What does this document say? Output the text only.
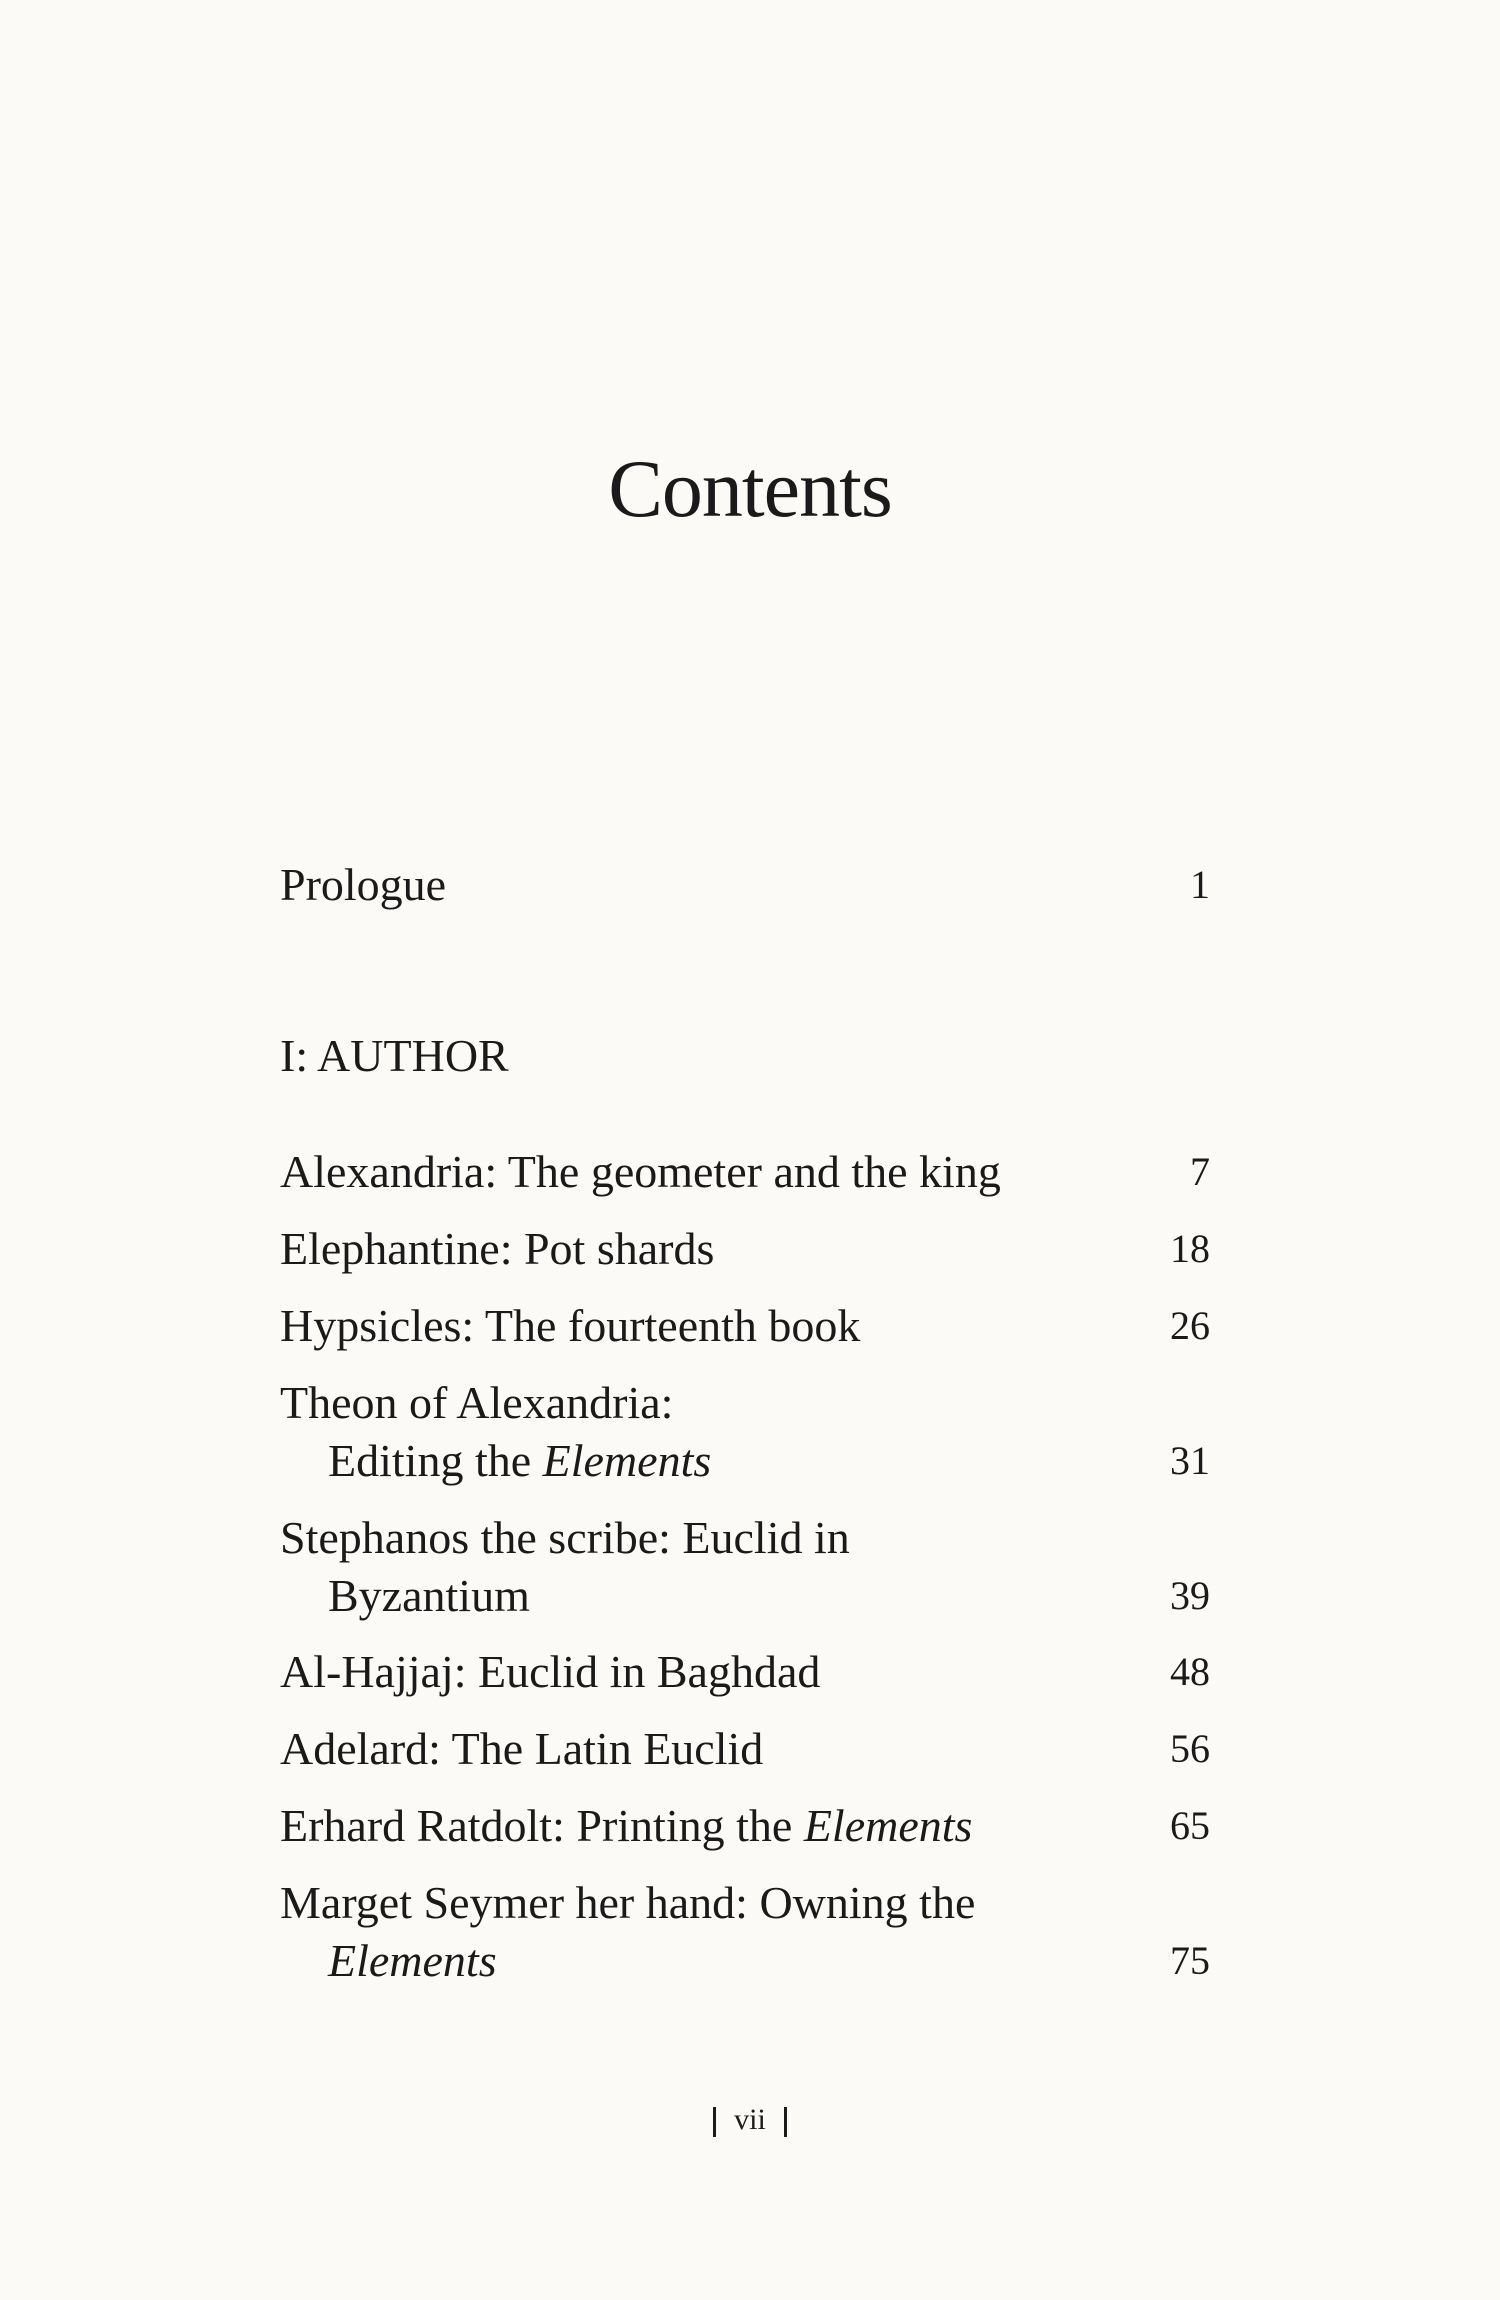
Contents
Prologue	1
I: AUTHOR
Alexandria: The geometer and the king	7
Elephantine: Pot shards	18
Hypsicles: The fourteenth book	26
Theon of Alexandria:
Editing the Elements	31
Stephanos the scribe: Euclid in
Byzantium	39
Al-Hajjaj: Euclid in Baghdad	48
Adelard: The Latin Euclid	56
Erhard Ratdolt: Printing the Elements	65
Marget Seymer her hand: Owning the
Elements	75
vii
